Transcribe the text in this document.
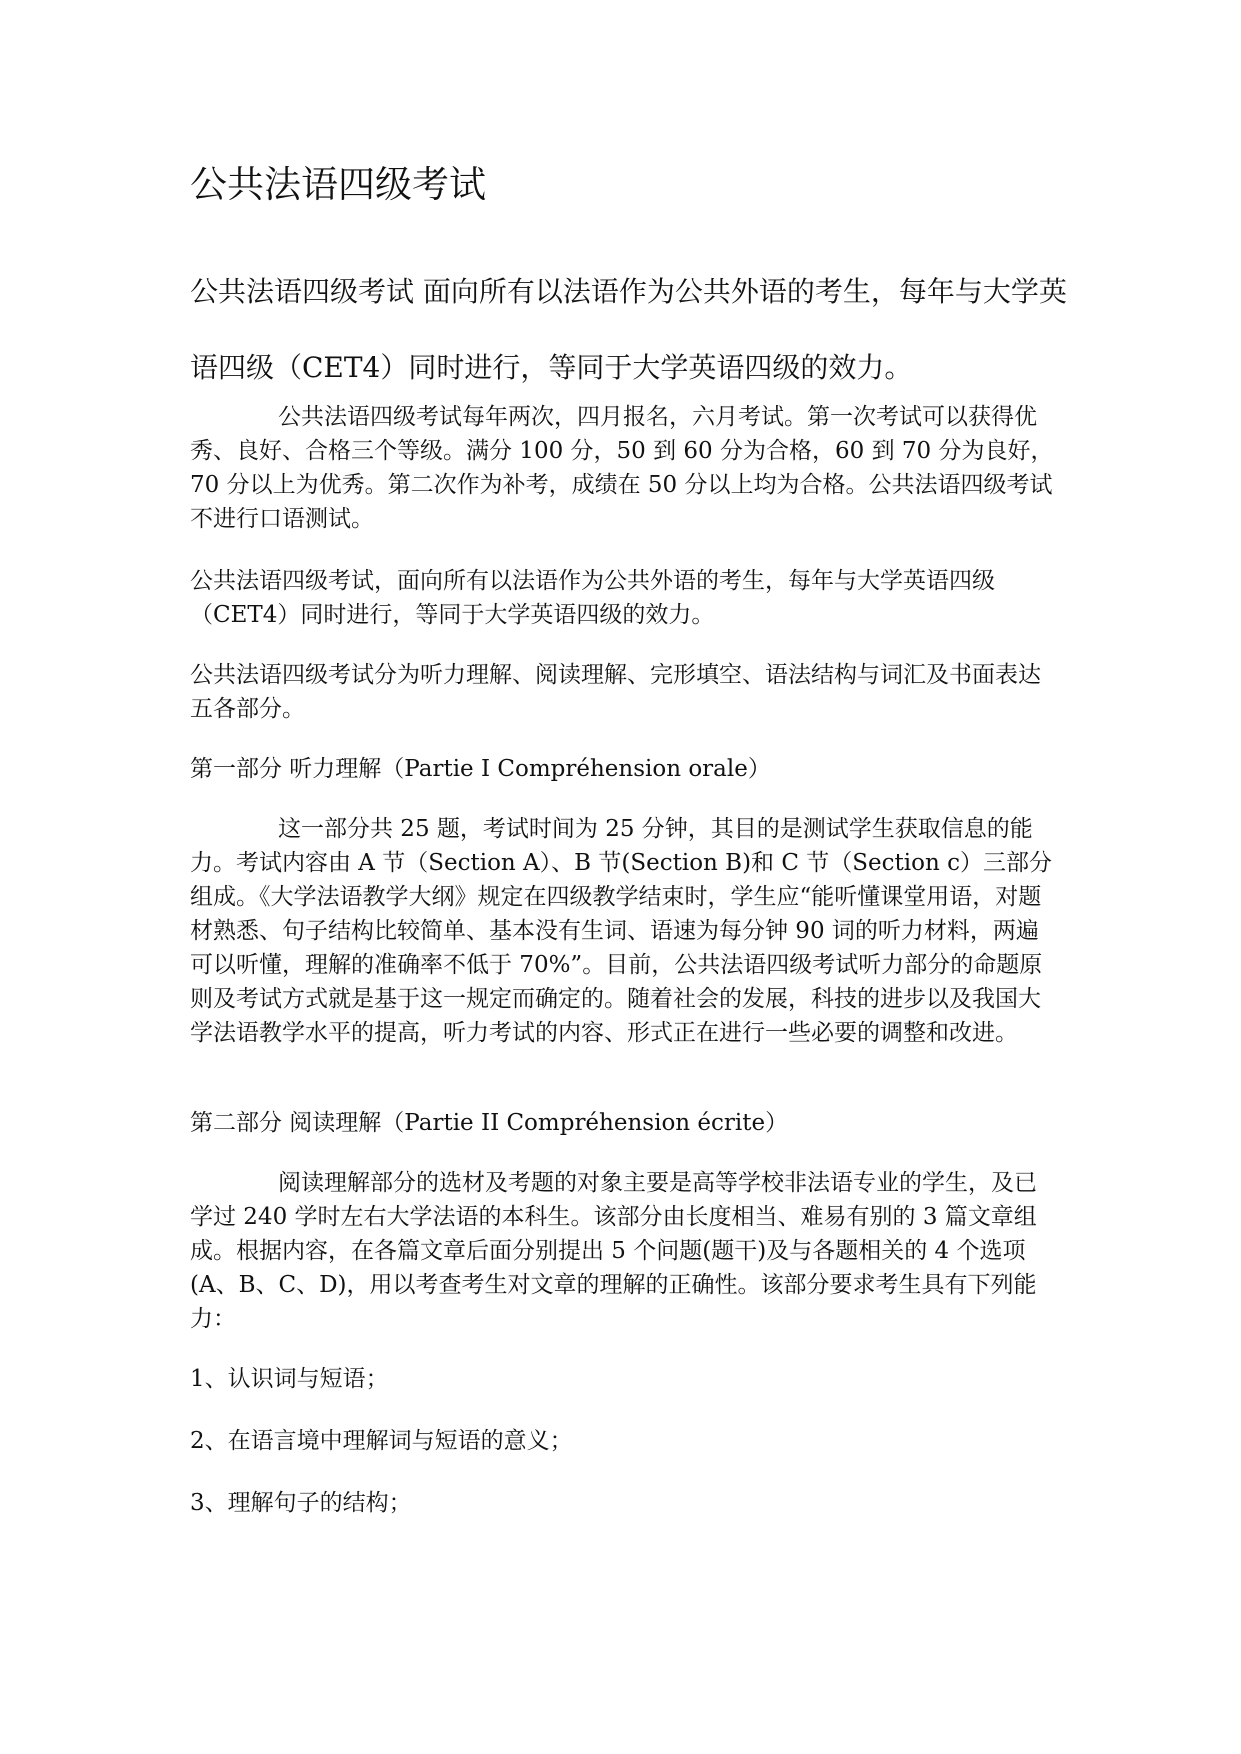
公共法语四级考试

公共法语四级考试 面向所有以法语作为公共外语的考生，每年与大学英语四级（CET4）同时进行，等同于大学英语四级的效力。

公共法语四级考试每年两次，四月报名，六月考试。第一次考试可以获得优秀、良好、合格三个等级。满分 100 分，50 到 60 分为合格，60 到 70 分为良好，70 分以上为优秀。第二次作为补考，成绩在 50 分以上均为合格。公共法语四级考试不进行口语测试。

公共法语四级考试，面向所有以法语作为公共外语的考生，每年与大学英语四级（CET4）同时进行，等同于大学英语四级的效力。

公共法语四级考试分为听力理解、阅读理解、完形填空、语法结构与词汇及书面表达五各部分。

第一部分 听力理解（Partie I Compréhension orale）

这一部分共 25 题，考试时间为 25 分钟，其目的是测试学生获取信息的能力。考试内容由 A 节（Section A）、B 节(Section B)和 C 节（Section c）三部分组成。《大学法语教学大纲》规定在四级教学结束时，学生应“能听懂课堂用语，对题材熟悉、句子结构比较简单、基本没有生词、语速为每分钟 90 词的听力材料，两遍可以听懂，理解的准确率不低于 70%”。目前，公共法语四级考试听力部分的命题原则及考试方式就是基于这一规定而确定的。随着社会的发展，科技的进步以及我国大学法语教学水平的提高，听力考试的内容、形式正在进行一些必要的调整和改进。

第二部分 阅读理解（Partie II Compréhension écrite）

阅读理解部分的选材及考题的对象主要是高等学校非法语专业的学生，及已学过 240 学时左右大学法语的本科生。该部分由长度相当、难易有别的 3 篇文章组成。根据内容，在各篇文章后面分别提出 5 个问题(题干)及与各题相关的 4 个选项(A、B、C、D)，用以考查考生对文章的理解的正确性。该部分要求考生具有下列能力：

1、认识词与短语；

2、在语言境中理解词与短语的意义；

3、理解句子的结构；
